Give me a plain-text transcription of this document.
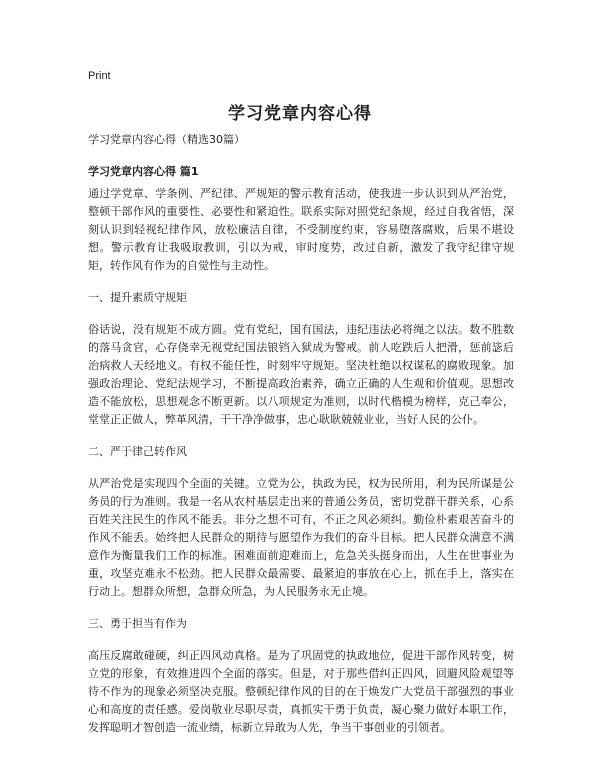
Print
学习党章内容心得
学习党章内容心得（精选30篇）
学习党章内容心得 篇1

通过学党章、学条例、严纪律、严规矩的警示教育活动，使我进一步认识到从严治党，整顿干部作风的重要性、必要性和紧迫性。联系实际对照党纪条规，经过自我省悟，深刻认识到轻视纪律作风，放松廉洁自律，不受制度约束，容易堕落腐败，后果不堪设想。警示教育让我吸取教训，引以为戒，审时度势，改过自新，激发了我守纪律守规矩，转作风有作为的自觉性与主动性。

一、提升素质守规矩

俗话说，没有规矩不成方圆。党有党纪，国有国法，违纪违法必将绳之以法。数不胜数的落马贪官，心存侥幸无视党纪国法锒铛入狱成为警戒。前人吃跌后人把滑，惩前毖后治病救人天经地义。有权不能任性，时刻牢守规矩。坚决杜绝以权谋私的腐败现象。加强政治理论、党纪法规学习，不断提高政治素养，确立正确的人生观和价值观。思想改造不能放松，思想观念不断更新。以八项规定为准则，以时代楷模为榜样，克己奉公，堂堂正正做人，弊革风清，干干净净做事，忠心耿耿兢兢业业，当好人民的公仆。

二、严于律己转作风

从严治党是实现四个全面的关键。立党为公，执政为民，权为民所用，利为民所谋是公务员的行为准则。我是一名从农村基层走出来的普通公务员，密切党群干群关系，心系百姓关注民生的作风不能丢。非分之想不可有，不正之风必须纠。勤俭朴素艰苦奋斗的作风不能丢。始终把人民群众的期待与愿望作为我们的奋斗目标。把人民群众满意不满意作为衡量我们工作的标准。困难面前迎难而上，危急关头挺身而出，人生在世事业为重，攻坚克难永不松劲。把人民群众最需要、最紧迫的事放在心上，抓在手上，落实在行动上。想群众所想，急群众所急，为人民服务永无止境。

三、勇于担当有作为

高压反腐敢碰硬，纠正四风动真格。是为了巩固党的执政地位，促进干部作风转变，树立党的形象，有效推进四个全面的落实。但是，对于那些借纠正四风，回避风险观望等待不作为的现象必须坚决克服。整顿纪律作风的目的在于焕发广大党员干部强烈的事业心和高度的责任感。爱岗敬业尽职尽责，真抓实干勇于负责，凝心聚力做好本职工作，发挥聪明才智创造一流业绩，标新立异敢为人先，争当干事创业的引领者。
